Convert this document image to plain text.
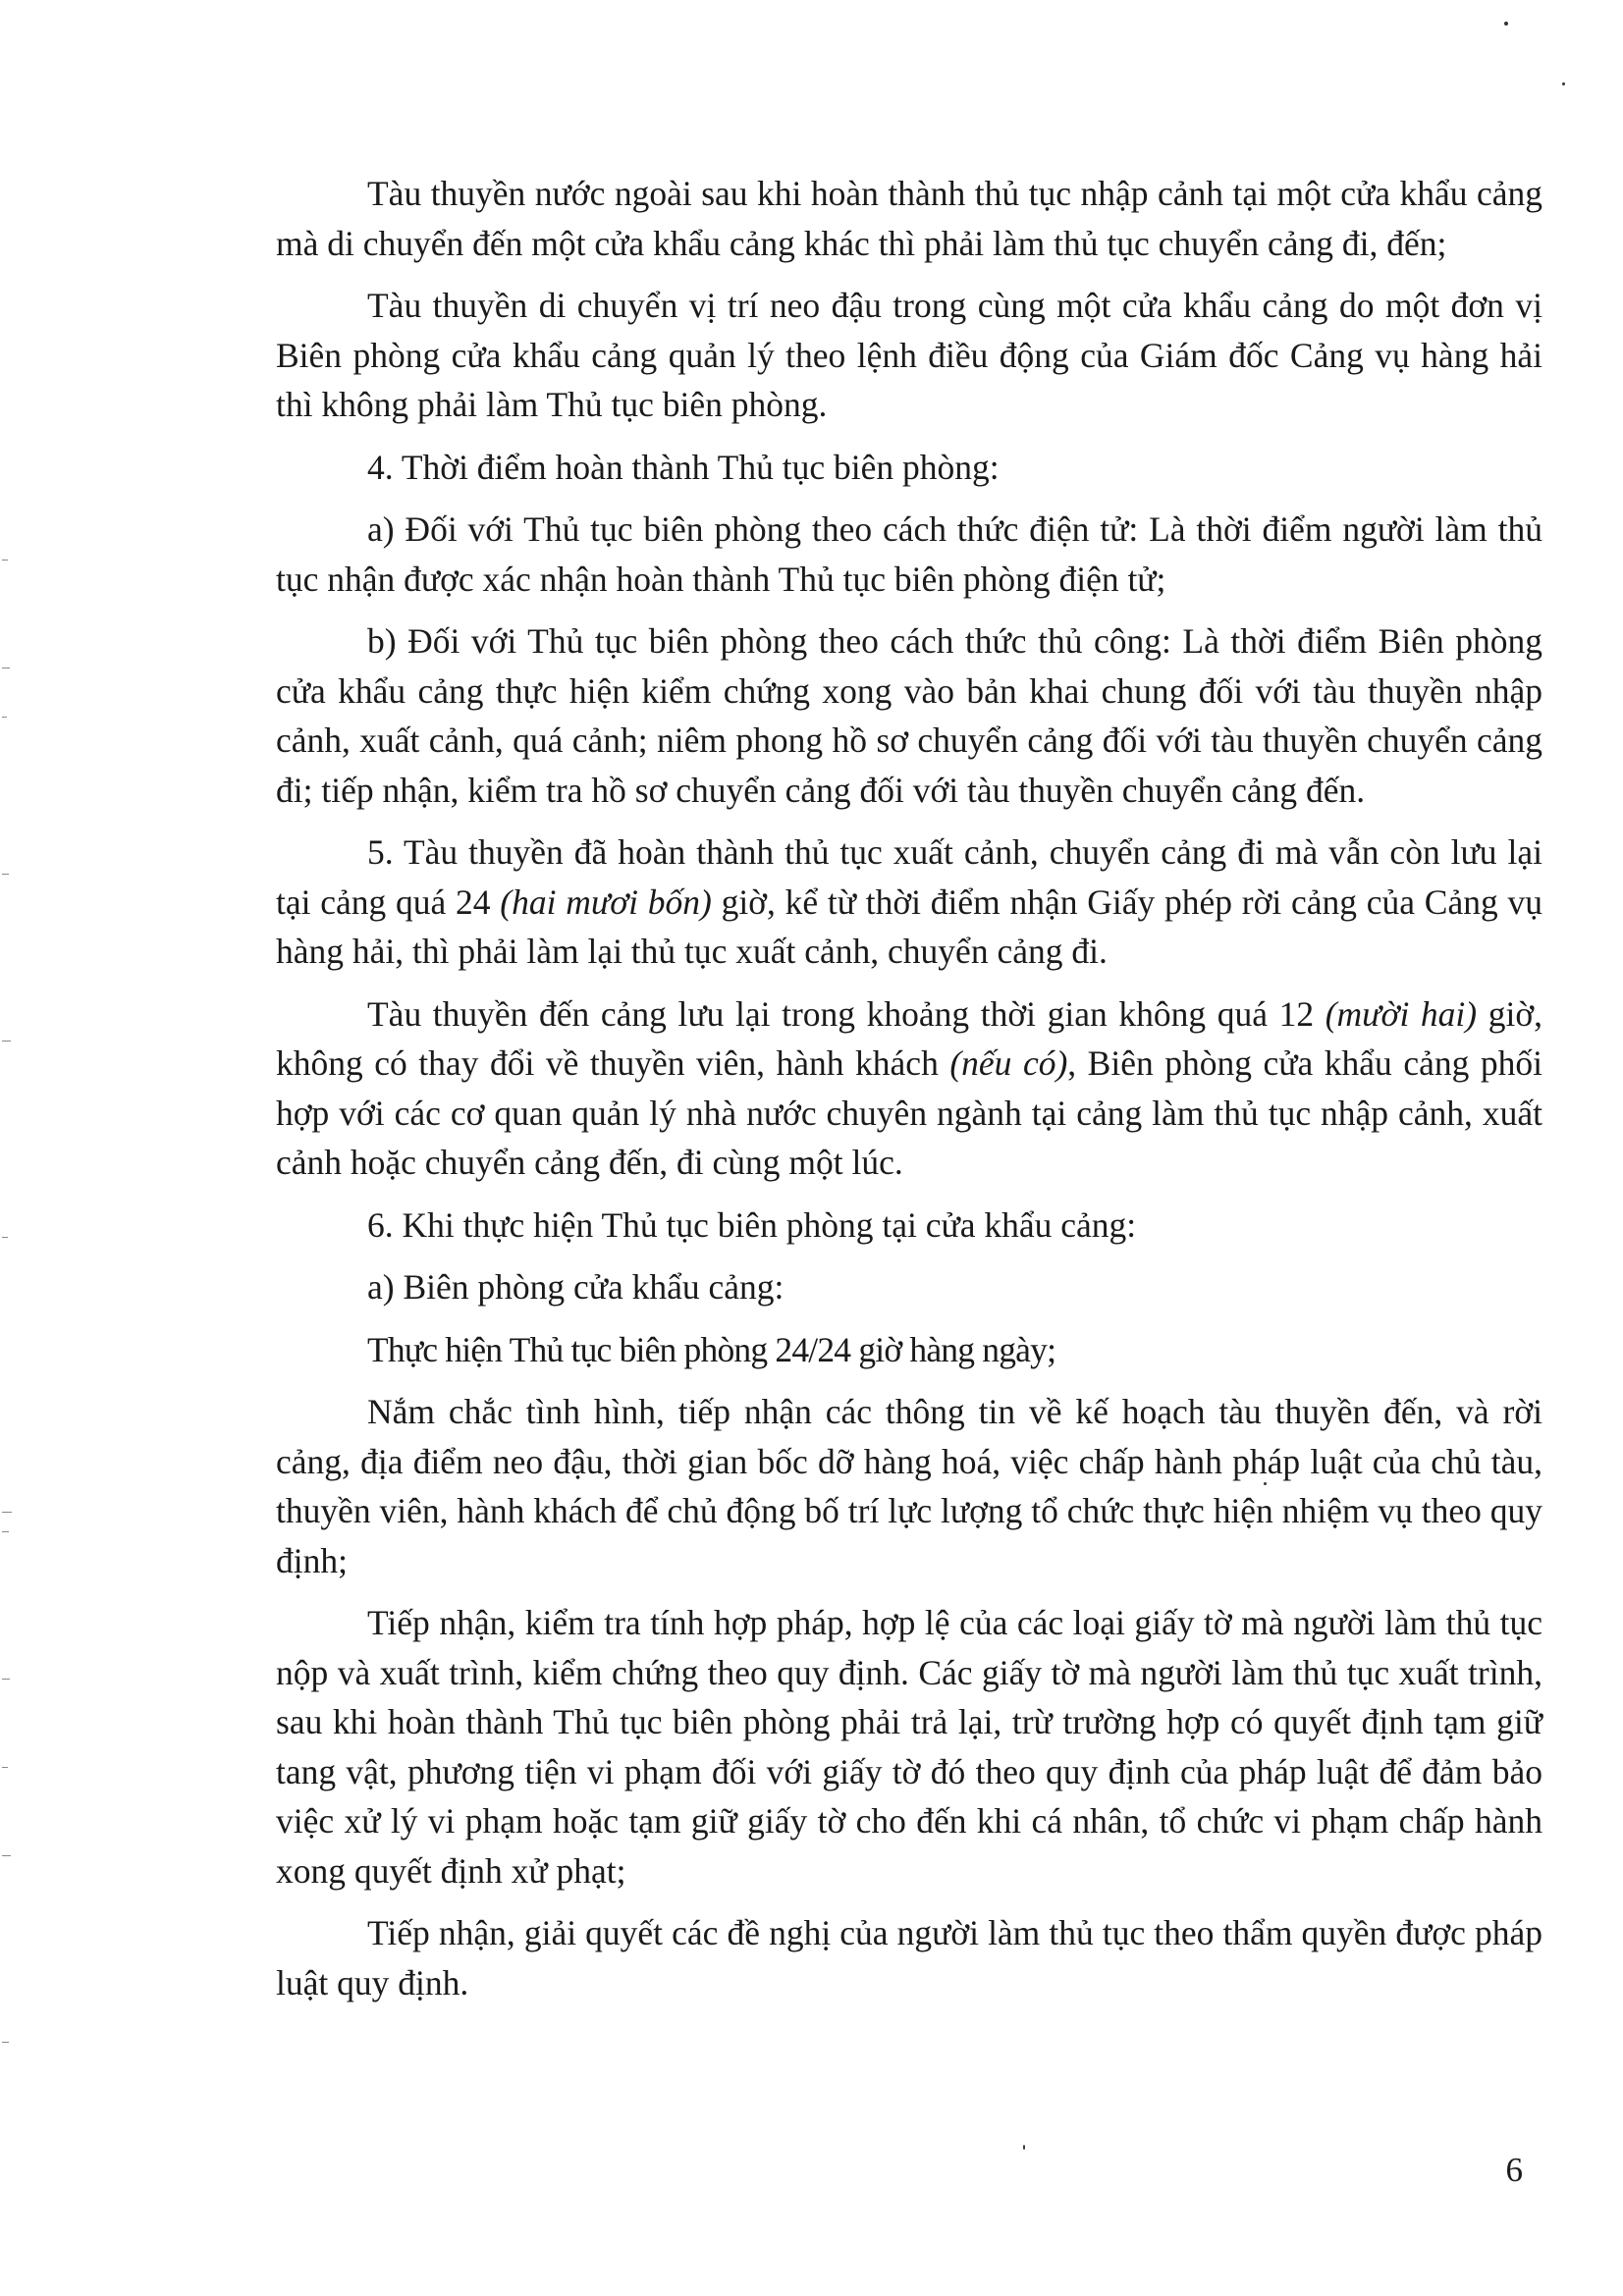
Tàu thuyền nước ngoài sau khi hoàn thành thủ tục nhập cảnh tại một cửa khẩu cảng mà di chuyển đến một cửa khẩu cảng khác thì phải làm thủ tục chuyển cảng đi, đến;

Tàu thuyền di chuyển vị trí neo đậu trong cùng một cửa khẩu cảng do một đơn vị Biên phòng cửa khẩu cảng quản lý theo lệnh điều động của Giám đốc Cảng vụ hàng hải thì không phải làm Thủ tục biên phòng.

4. Thời điểm hoàn thành Thủ tục biên phòng:

a) Đối với Thủ tục biên phòng theo cách thức điện tử: Là thời điểm người làm thủ tục nhận được xác nhận hoàn thành Thủ tục biên phòng điện tử;

b) Đối với Thủ tục biên phòng theo cách thức thủ công: Là thời điểm Biên phòng cửa khẩu cảng thực hiện kiểm chứng xong vào bản khai chung đối với tàu thuyền nhập cảnh, xuất cảnh, quá cảnh; niêm phong hồ sơ chuyển cảng đối với tàu thuyền chuyển cảng đi; tiếp nhận, kiểm tra hồ sơ chuyển cảng đối với tàu thuyền chuyển cảng đến.

5. Tàu thuyền đã hoàn thành thủ tục xuất cảnh, chuyển cảng đi mà vẫn còn lưu lại tại cảng quá 24 (hai mươi bốn) giờ, kể từ thời điểm nhận Giấy phép rời cảng của Cảng vụ hàng hải, thì phải làm lại thủ tục xuất cảnh, chuyển cảng đi.

Tàu thuyền đến cảng lưu lại trong khoảng thời gian không quá 12 (mười hai) giờ, không có thay đổi về thuyền viên, hành khách (nếu có), Biên phòng cửa khẩu cảng phối hợp với các cơ quan quản lý nhà nước chuyên ngành tại cảng làm thủ tục nhập cảnh, xuất cảnh hoặc chuyển cảng đến, đi cùng một lúc.

6. Khi thực hiện Thủ tục biên phòng tại cửa khẩu cảng:

a) Biên phòng cửa khẩu cảng:

Thực hiện Thủ tục biên phòng 24/24 giờ hàng ngày;

Nắm chắc tình hình, tiếp nhận các thông tin về kế hoạch tàu thuyền đến, và rời cảng, địa điểm neo đậu, thời gian bốc dỡ hàng hoá, việc chấp hành pháp luật của chủ tàu, thuyền viên, hành khách để chủ động bố trí lực lượng tổ chức thực hiện nhiệm vụ theo quy định;

Tiếp nhận, kiểm tra tính hợp pháp, hợp lệ của các loại giấy tờ mà người làm thủ tục nộp và xuất trình, kiểm chứng theo quy định. Các giấy tờ mà người làm thủ tục xuất trình, sau khi hoàn thành Thủ tục biên phòng phải trả lại, trừ trường hợp có quyết định tạm giữ tang vật, phương tiện vi phạm đối với giấy tờ đó theo quy định của pháp luật để đảm bảo việc xử lý vi phạm hoặc tạm giữ giấy tờ cho đến khi cá nhân, tổ chức vi phạm chấp hành xong quyết định xử phạt;

Tiếp nhận, giải quyết các đề nghị của người làm thủ tục theo thẩm quyền được pháp luật quy định.

6
